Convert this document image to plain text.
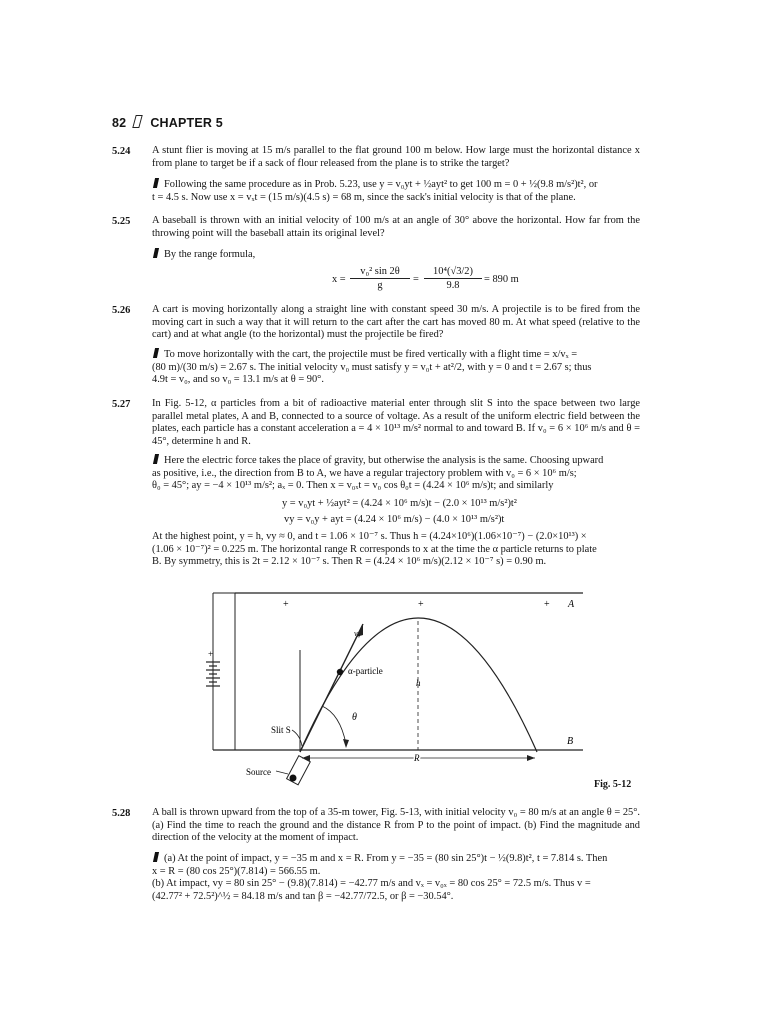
82 CHAPTER 5
5.24 A stunt flier is moving at 15 m/s parallel to the flat ground 100 m below. How large must the horizontal distance x from plane to target be if a sack of flour released from the plane is to strike the target?
Following the same procedure as in Prob. 5.23, use y = v₀yt + ½ayt² to get 100 m = 0 + ½(9.8 m/s²)t², or
t = 4.5 s. Now use x = vₓt = (15 m/s)(4.5 s) = 68 m, since the sack's initial velocity is that of the plane.
5.25 A baseball is thrown with an initial velocity of 100 m/s at an angle of 30° above the horizontal. How far from the throwing point will the baseball attain its original level?
By the range formula,
x =
v₀² sin 2θ
g
=
10⁴(√3/2)
9.8
= 890 m
5.26 A cart is moving horizontally along a straight line with constant speed 30 m/s. A projectile is to be fired from the moving cart in such a way that it will return to the cart after the cart has moved 80 m. At what speed (relative to the cart) and at what angle (to the horizontal) must the projectile be fired?
To move horizontally with the cart, the projectile must be fired vertically with a flight time = x/vₓ =
(80 m)/(30 m/s) = 2.67 s. The initial velocity v₀ must satisfy y = v₀t + at²/2, with y = 0 and t = 2.67 s; thus
4.9t = v₀, and so v₀ = 13.1 m/s at θ = 90°.
5.27 In Fig. 5-12, α particles from a bit of radioactive material enter through slit S into the space between two large parallel metal plates, A and B, connected to a source of voltage. As a result of the uniform electric field between the plates, each particle has a constant acceleration a = 4 × 10¹³ m/s² normal to and toward B. If v₀ = 6 × 10⁶ m/s and θ = 45°, determine h and R.
Here the electric force takes the place of gravity, but otherwise the analysis is the same. Choosing upward
as positive, i.e., the direction from B to A, we have a regular trajectory problem with v₀ = 6 × 10⁶ m/s;
θ₀ = 45°; ay = −4 × 10¹³ m/s²; aₓ = 0. Then x = v₀ₓt = v₀ cos θ₀t = (4.24 × 10⁶ m/s)t; and similarly
y = v₀yt + ½ayt² = (4.24 × 10⁶ m/s)t − (2.0 × 10¹³ m/s²)t²
vy = v₀y + ayt = (4.24 × 10⁶ m/s) − (4.0 × 10¹³ m/s²)t
At the highest point, y = h, vy ≈ 0, and t = 1.06 × 10⁻⁷ s. Thus h = (4.24×10⁶)(1.06×10⁻⁷) − (2.0×10¹³) ×
(1.06 × 10⁻⁷)² = 0.225 m. The horizontal range R corresponds to x at the time the α particle returns to plate
B. By symmetry, this is 2t = 2.12 × 10⁻⁷ s. Then R = (4.24 × 10⁶ m/s)(2.12 × 10⁻⁷ s) = 0.90 m.
+	+	+ A
+
B
Source
Slit S
v₀
α-particle
θ
h
R
Fig. 5-12
5.28 A ball is thrown upward from the top of a 35-m tower, Fig. 5-13, with initial velocity v₀ = 80 m/s at an angle θ = 25°. (a) Find the time to reach the ground and the distance R from P to the point of impact. (b) Find the magnitude and direction of the velocity at the moment of impact.
(a) At the point of impact, y = −35 m and x = R. From y = −35 = (80 sin 25°)t − ½(9.8)t², t = 7.814 s. Then
x = R = (80 cos 25°)(7.814) = 566.55 m.
(b) At impact, vy = 80 sin 25° − (9.8)(7.814) = −42.77 m/s and vₓ = v₀ₓ = 80 cos 25° = 72.5 m/s. Thus v =
(42.77² + 72.5²)^½ = 84.18 m/s and tan β = −42.77/72.5, or β = −30.54°.
